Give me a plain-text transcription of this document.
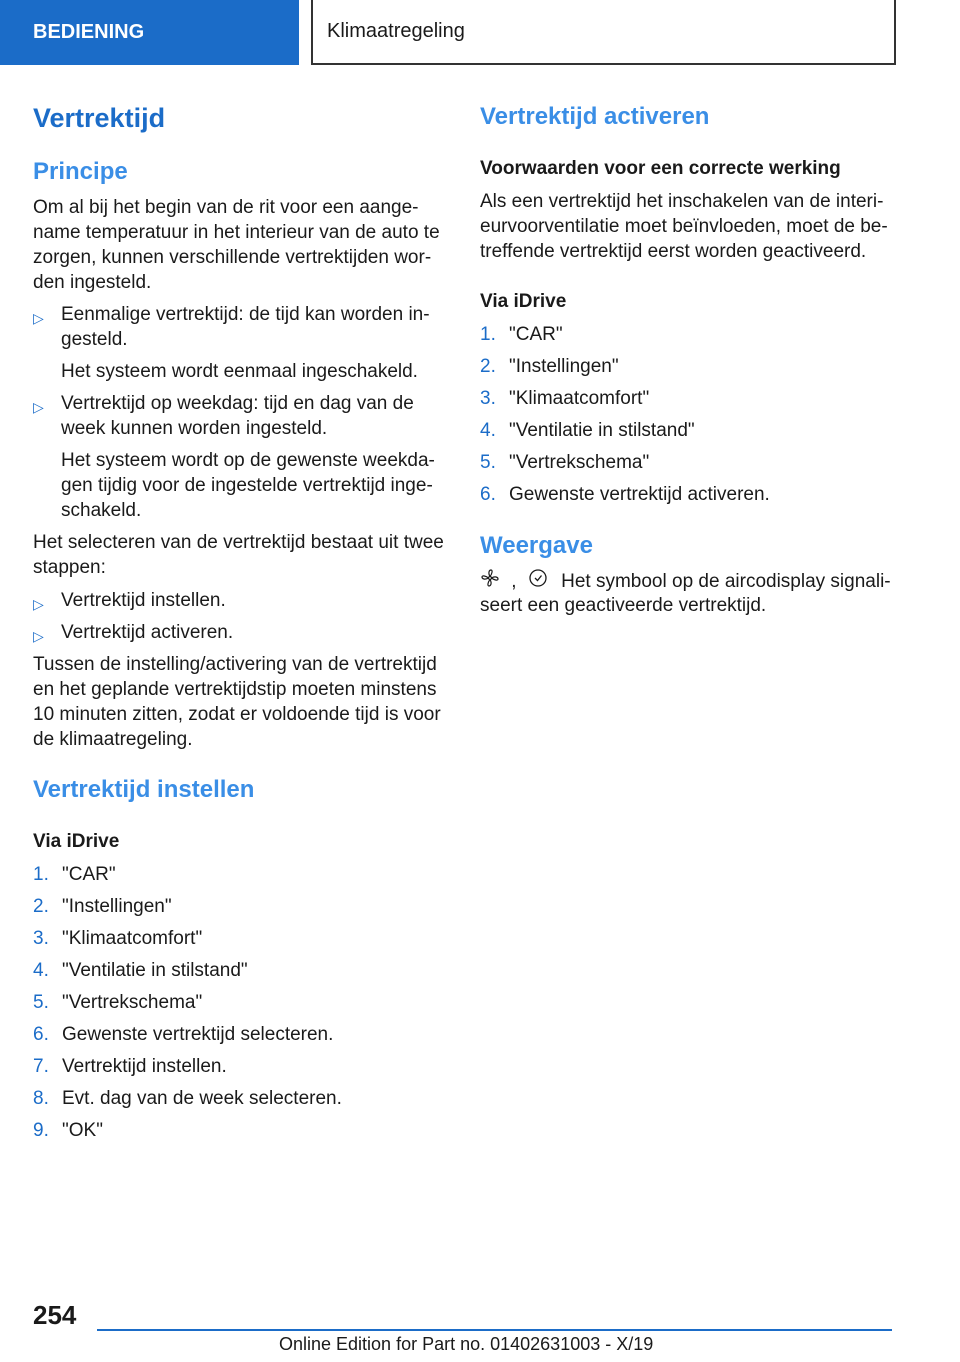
BEDIENING	Klimaatregeling
Vertrektijd
Principe
Om al bij het begin van de rit voor een aange-
name temperatuur in het interieur van de auto te
zorgen, kunnen verschillende vertrektijden wor-
den ingesteld.
▷ Eenmalige vertrektijd: de tijd kan worden in-
gesteld.
Het systeem wordt eenmaal ingeschakeld.
▷ Vertrektijd op weekdag: tijd en dag van de
week kunnen worden ingesteld.
Het systeem wordt op de gewenste weekda-
gen tijdig voor de ingestelde vertrektijd inge-
schakeld.
Het selecteren van de vertrektijd bestaat uit twee
stappen:
▷ Vertrektijd instellen.
▷ Vertrektijd activeren.
Tussen de instelling/activering van de vertrektijd
en het geplande vertrektijdstip moeten minstens
10 minuten zitten, zodat er voldoende tijd is voor
de klimaatregeling.
Vertrektijd instellen
Via iDrive
1. "CAR"
2. "Instellingen"
3. "Klimaatcomfort"
4. "Ventilatie in stilstand"
5. "Vertrekschema"
6. Gewenste vertrektijd selecteren.
7. Vertrektijd instellen.
8. Evt. dag van de week selecteren.
9. "OK"
Vertrektijd activeren
Voorwaarden voor een correcte werking
Als een vertrektijd het inschakelen van de interi-
eurvoorventilatie moet beïnvloeden, moet de be-
treffende vertrektijd eerst worden geactiveerd.
Via iDrive
1. "CAR"
2. "Instellingen"
3. "Klimaatcomfort"
4. "Ventilatie in stilstand"
5. "Vertrekschema"
6. Gewenste vertrektijd activeren.
Weergave
, Het symbool op de aircodisplay signali-
seert een geactiveerde vertrektijd.
254
Online Edition for Part no. 01402631003 - X/19
